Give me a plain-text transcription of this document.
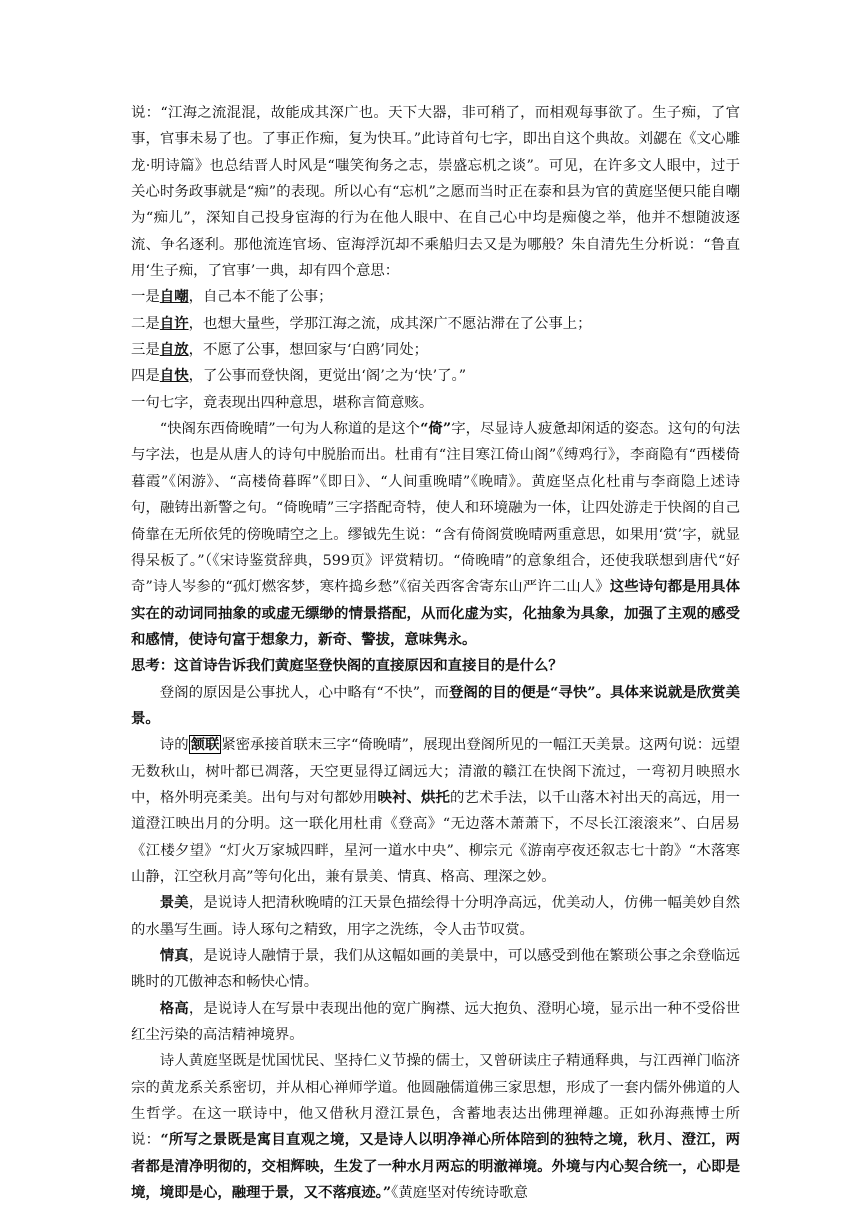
说：“江海之流混混，故能成其深广也。天下大器，非可稍了，而相观每事欲了。生子痴，了官事，官事未易了也。了事正作痴，复为快耳。”此诗首句七字，即出自这个典故。刘勰在《文心雕龙·明诗篇》也总结晋人时风是“嗤笑徇务之志，崇盛忘机之谈”。可见，在许多文人眼中，过于关心时务政事就是“痴”的表现。所以心有“忘机”之愿而当时正在泰和县为官的黄庭坚便只能自嘲为“痴儿”，深知自己投身宦海的行为在他人眼中、在自己心中均是痴傻之举，他并不想随波逐流、争名逐利。那他流连官场、宦海浮沉却不乘船归去又是为哪般？朱自清先生分析说：“鲁直用‘生子痴，了官事’一典，却有四个意思：

一是自嘲，自己本不能了公事；

二是自许，也想大量些，学那江海之流，成其深广不愿沾滞在了公事上；

三是自放，不愿了公事，想回家与‘白鸥’同处；

四是自快，了公事而登快阁，更觉出‘阁’之为‘快’了。”

一句七字，竟表现出四种意思，堪称言简意赅。

“快阁东西倚晚晴”一句为人称道的是这个“倚”字，尽显诗人疲惫却闲适的姿态。这句的句法与字法，也是从唐人的诗句中脱胎而出。杜甫有“注目寒江倚山阁”《缚鸡行》，李商隐有“西楼倚暮霞”《闲游》、“高楼倚暮晖”《即日》、“人间重晚晴”《晚晴》。黄庭坚点化杜甫与李商隐上述诗句，融铸出新警之句。“倚晚晴”三字搭配奇特，使人和环境融为一体，让四处游走于快阁的自己倚靠在无所依凭的傍晚晴空之上。缪钺先生说：“含有倚阁赏晚晴两重意思，如果用‘赏’字，就显得呆板了。”（《宋诗鉴赏辞典，599页》评赏精切。“倚晚晴”的意象组合，还使我联想到唐代“好奇”诗人岑参的“孤灯燃客梦，寒杵捣乡愁”《宿关西客舍寄东山严许二山人》这些诗句都是用具体实在的动词同抽象的或虚无缥缈的情景搭配，从而化虚为实，化抽象为具象，加强了主观的感受和感情，使诗句富于想象力，新奇、警拔，意味隽永。

思考：这首诗告诉我们黄庭坚登快阁的直接原因和直接目的是什么？

登阁的原因是公事扰人，心中略有“不快”，而登阁的目的便是“寻快”。具体来说就是欣赏美景。

诗的 颔联 紧密承接首联末三字“倚晚晴”，展现出登阁所见的一幅江天美景。这两句说：远望无数秋山，树叶都已凋落，天空更显得辽阔远大；清澈的赣江在快阁下流过，一弯初月映照水中，格外明亮柔美。出句与对句都妙用映衬、烘托的艺术手法，以千山落木衬出天的高远，用一道澄江映出月的分明。这一联化用杜甫《登高》“无边落木萧萧下，不尽长江滚滚来”、白居易《江楼夕望》“灯火万家城四畔，星河一道水中央”、柳宗元《游南亭夜还叙志七十韵》“木落寒山静，江空秋月高”等句化出，兼有景美、情真、格高、理深之妙。

景美，是说诗人把清秋晚晴的江天景色描绘得十分明净高远，优美动人，仿佛一幅美妙自然的水墨写生画。诗人琢句之精致，用字之洗练，令人击节叹赏。

情真，是说诗人融情于景，我们从这幅如画的美景中，可以感受到他在繁琐公事之余登临远眺时的兀傲神态和畅快心情。

格高，是说诗人在写景中表现出他的宽广胸襟、远大抱负、澄明心境，显示出一种不受俗世红尘污染的高洁精神境界。

诗人黄庭坚既是忧国忧民、坚持仁义节操的儒士，又曾研读庄子精通释典，与江西禅门临济宗的黄龙系关系密切，并从相心禅师学道。他圆融儒道佛三家思想，形成了一套内儒外佛道的人生哲学。在这一联诗中，他又借秋月澄江景色，含蓄地表达出佛理禅趣。正如孙海燕博士所说：“所写之景既是寓目直观之境，又是诗人以明净禅心所体陪到的独特之境，秋月、澄江，两者都是清净明彻的，交相辉映，生发了一种水月两忘的明澈禅境。外境与内心契合统一，心即是境，境即是心，融理于景，又不落痕迹。”《黄庭坚对传统诗歌意
